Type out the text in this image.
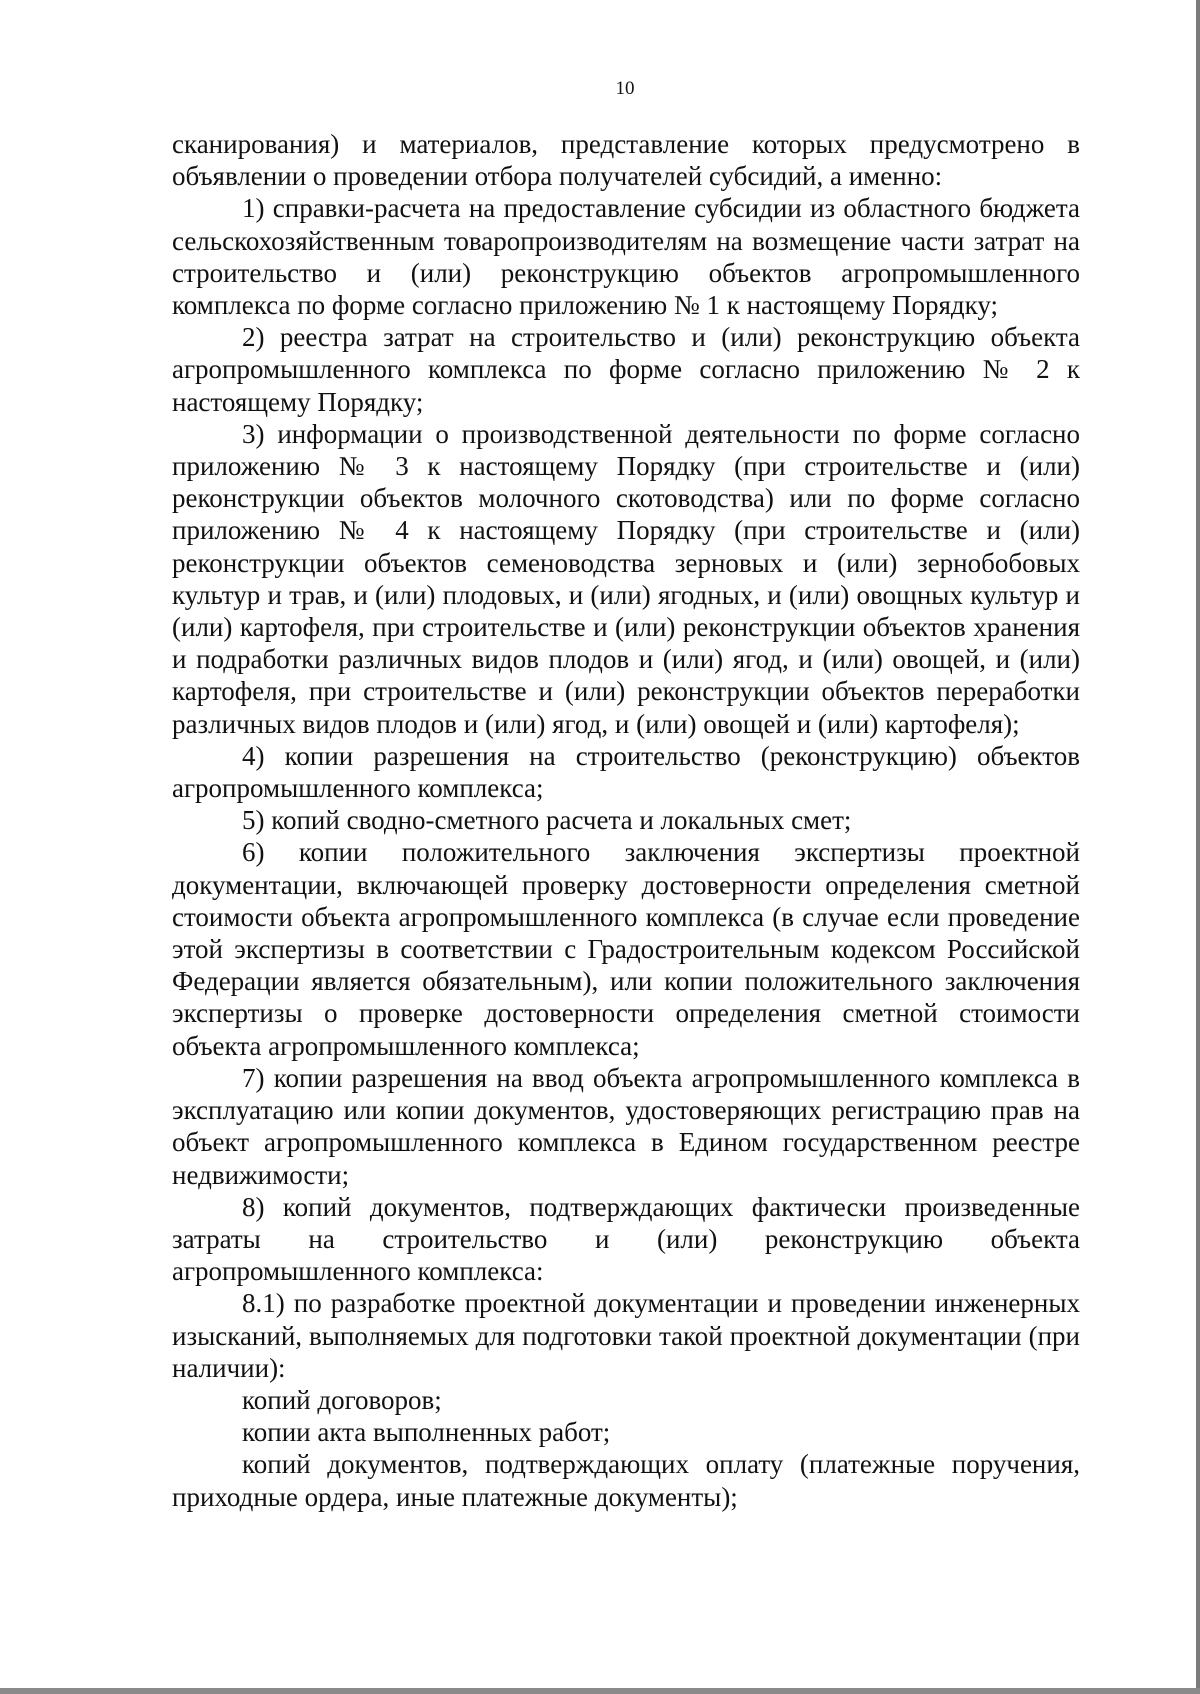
10

сканирования) и материалов, представление которых предусмотрено в объявлении о проведении отбора получателей субсидий, а именно:

1) справки-расчета на предоставление субсидии из областного бюджета сельскохозяйственным товаропроизводителям на возмещение части затрат на строительство и (или) реконструкцию объектов агропромышленного комплекса по форме согласно приложению № 1 к настоящему Порядку;

2) реестра затрат на строительство и (или) реконструкцию объекта агропромышленного комплекса по форме согласно приложению № 2 к настоящему Порядку;

3) информации о производственной деятельности по форме согласно приложению № 3 к настоящему Порядку (при строительстве и (или) реконструкции объектов молочного скотоводства) или по форме согласно приложению № 4 к настоящему Порядку (при строительстве и (или) реконструкции объектов семеноводства зерновых и (или) зернобобовых культур и трав, и (или) плодовых, и (или) ягодных, и (или) овощных культур и (или) картофеля, при строительстве и (или) реконструкции объектов хранения и подработки различных видов плодов и (или) ягод, и (или) овощей, и (или) картофеля, при строительстве и (или) реконструкции объектов переработки различных видов плодов и (или) ягод, и (или) овощей и (или) картофеля);

4) копии разрешения на строительство (реконструкцию) объектов агропромышленного комплекса;

5) копий сводно-сметного расчета и локальных смет;

6) копии положительного заключения экспертизы проектной документации, включающей проверку достоверности определения сметной стоимости объекта агропромышленного комплекса (в случае если проведение этой экспертизы в соответствии с Градостроительным кодексом Российской Федерации является обязательным), или копии положительного заключения экспертизы о проверке достоверности определения сметной стоимости объекта агропромышленного комплекса;

7) копии разрешения на ввод объекта агропромышленного комплекса в эксплуатацию или копии документов, удостоверяющих регистрацию прав на объект агропромышленного комплекса в Едином государственном реестре недвижимости;

8) копий документов, подтверждающих фактически произведенные затраты на строительство и (или) реконструкцию объекта агропромышленного комплекса:

8.1) по разработке проектной документации и проведении инженерных изысканий, выполняемых для подготовки такой проектной документации (при наличии):

копий договоров;

копии акта выполненных работ;

копий документов, подтверждающих оплату (платежные поручения, приходные ордера, иные платежные документы);
